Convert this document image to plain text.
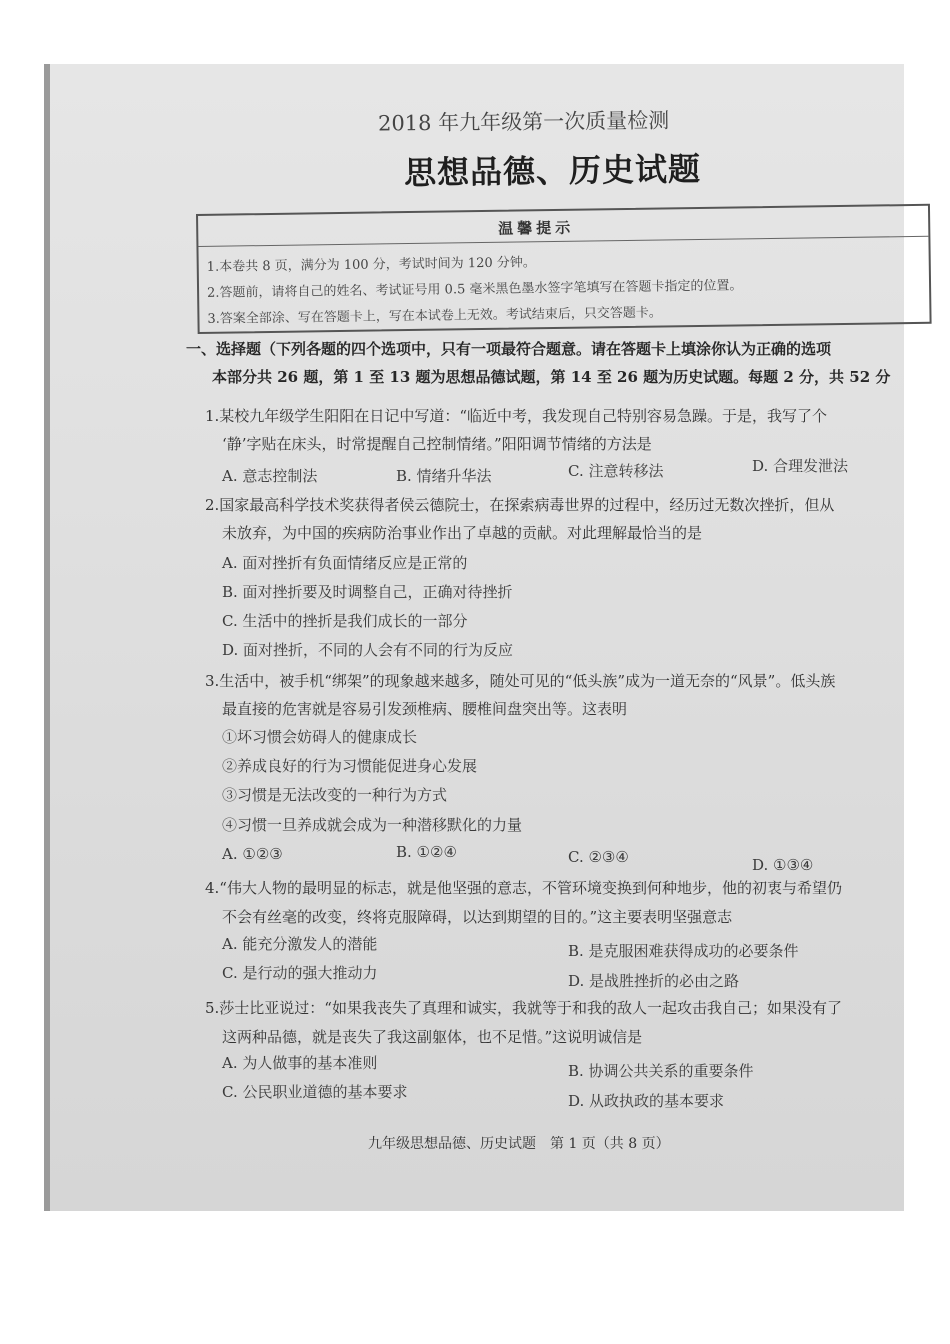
2018 年九年级第一次质量检测
思想品德、历史试题
温馨提示
1.本卷共 8 页，满分为 100 分，考试时间为 120 分钟。
2.答题前，请将自己的姓名、考试证号用 0.5 毫米黑色墨水签字笔填写在答题卡指定的位置。
3.答案全部涂、写在答题卡上，写在本试卷上无效。考试结束后，只交答题卡。
一、选择题（下列各题的四个选项中，只有一项最符合题意。请在答题卡上填涂你认为正确的选项
本部分共 26 题，第 1 至 13 题为思想品德试题，第 14 至 26 题为历史试题。每题 2 分，共 52 分
1.某校九年级学生阳阳在日记中写道：“临近中考，我发现自己特别容易急躁。于是，我写了个
‘静’字贴在床头，时常提醒自己控制情绪。”阳阳调节情绪的方法是
A. 意志控制法	B. 情绪升华法	C. 注意转移法	D. 合理发泄法
2.国家最高科学技术奖获得者侯云德院士，在探索病毒世界的过程中，经历过无数次挫折，但从
未放弃，为中国的疾病防治事业作出了卓越的贡献。对此理解最恰当的是
A. 面对挫折有负面情绪反应是正常的
B. 面对挫折要及时调整自己，正确对待挫折
C. 生活中的挫折是我们成长的一部分
D. 面对挫折，不同的人会有不同的行为反应
3.生活中，被手机“绑架”的现象越来越多，随处可见的“低头族”成为一道无奈的“风景”。低头族
最直接的危害就是容易引发颈椎病、腰椎间盘突出等。这表明
①坏习惯会妨碍人的健康成长
②养成良好的行为习惯能促进身心发展
③习惯是无法改变的一种行为方式
④习惯一旦养成就会成为一种潜移默化的力量
A. ①②③	B. ①②④	C. ②③④	D. ①③④
4.“伟大人物的最明显的标志，就是他坚强的意志，不管环境变换到何种地步，他的初衷与希望仍
不会有丝毫的改变，终将克服障碍，以达到期望的目的。”这主要表明坚强意志
A. 能充分激发人的潜能	B. 是克服困难获得成功的必要条件
C. 是行动的强大推动力	D. 是战胜挫折的必由之路
5.莎士比亚说过：“如果我丧失了真理和诚实，我就等于和我的敌人一起攻击我自己；如果没有了
这两种品德，就是丧失了我这副躯体，也不足惜。”这说明诚信是
A. 为人做事的基本准则	B. 协调公共关系的重要条件
C. 公民职业道德的基本要求	D. 从政执政的基本要求
九年级思想品德、历史试题　第 1 页（共 8 页）
